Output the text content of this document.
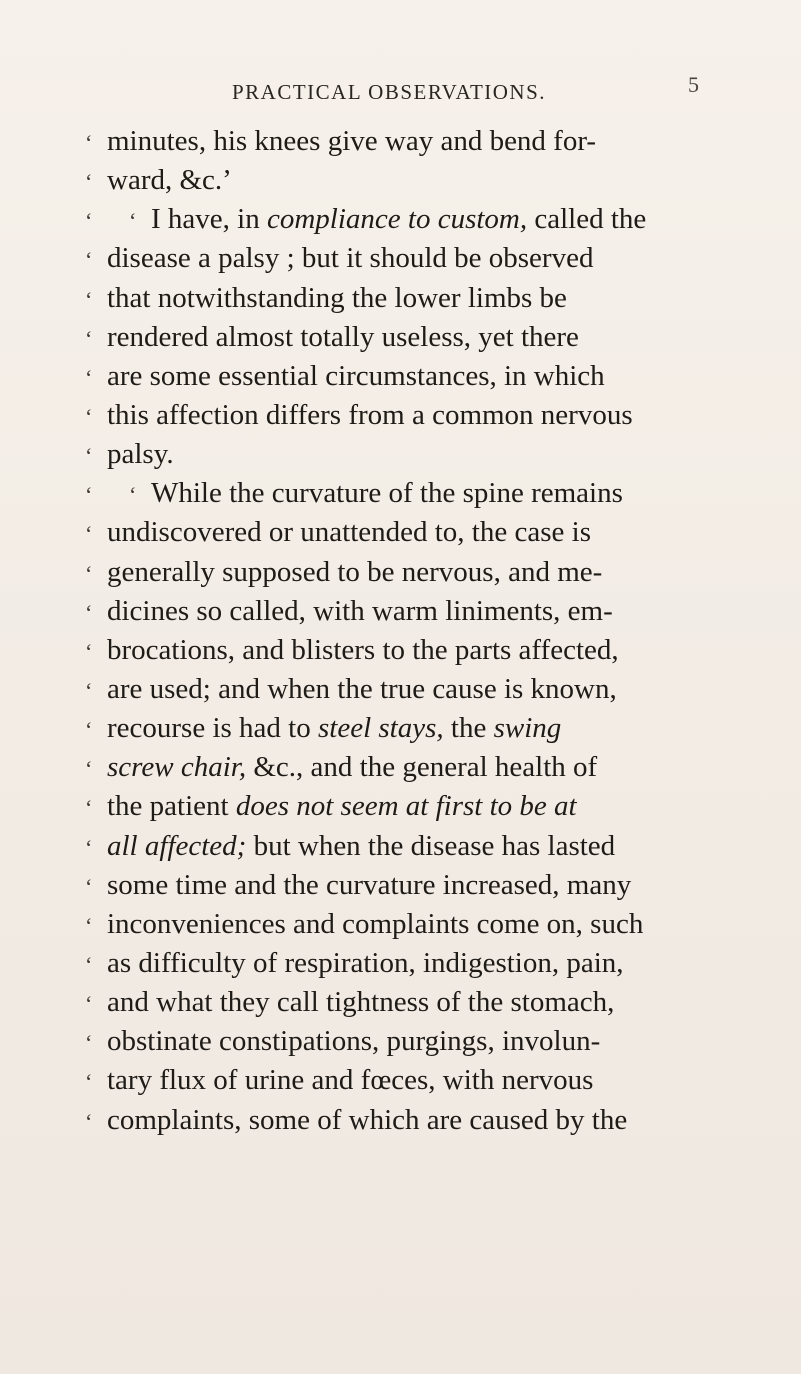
PRACTICAL OBSERVATIONS.	5
‘ minutes, his knees give way and bend for-
‘ ward, &c.’
‘ ‘ I have, in compliance to custom, called the
‘ disease a palsy ; but it should be observed
‘ that notwithstanding the lower limbs be
‘ rendered almost totally useless, yet there
‘ are some essential circumstances, in which
‘ this affection differs from a common nervous
‘ palsy.
‘ ‘ While the curvature of the spine remains
‘ undiscovered or unattended to, the case is
‘ generally supposed to be nervous, and me-
‘ dicines so called, with warm liniments, em-
‘ brocations, and blisters to the parts affected,
‘ are used; and when the true cause is known,
‘ recourse is had to steel stays, the swing
‘ screw chair, &c., and the general health of
‘ the patient does not seem at first to be at
‘ all affected; but when the disease has lasted
‘ some time and the curvature increased, many
‘ inconveniences and complaints come on, such
‘ as difficulty of respiration, indigestion, pain,
‘ and what they call tightness of the stomach,
‘ obstinate constipations, purgings, involun-
‘ tary flux of urine and fœces, with nervous
‘ complaints, some of which are caused by the
